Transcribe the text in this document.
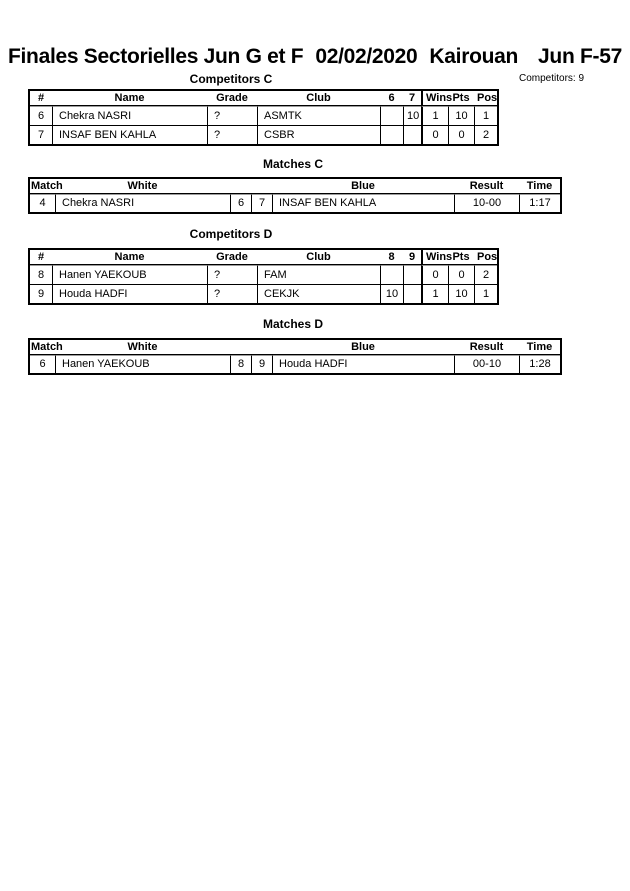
Finales Sectorielles Jun G et F 02/02/2020 Kairouan Jun F-57
Competitors: 9
Competitors C
#	Name	Grade	Club	6	7	Wins	Pts	Pos
6	Chekra NASRI	?	ASMTK		10	1	10	1
7	INSAF BEN KAHLA	?	CSBR			0	0	2
Matches C
Match	White			Blue	Result	Time
4	Chekra NASRI	6	7	INSAF BEN KAHLA	10-00	1:17
Competitors D
#	Name	Grade	Club	8	9	Wins	Pts	Pos
8	Hanen YAEKOUB	?	FAM			0	0	2
9	Houda HADFI	?	CEKJK	10		1	10	1
Matches D
Match	White			Blue	Result	Time
6	Hanen YAEKOUB	8	9	Houda HADFI	00-10	1:28
